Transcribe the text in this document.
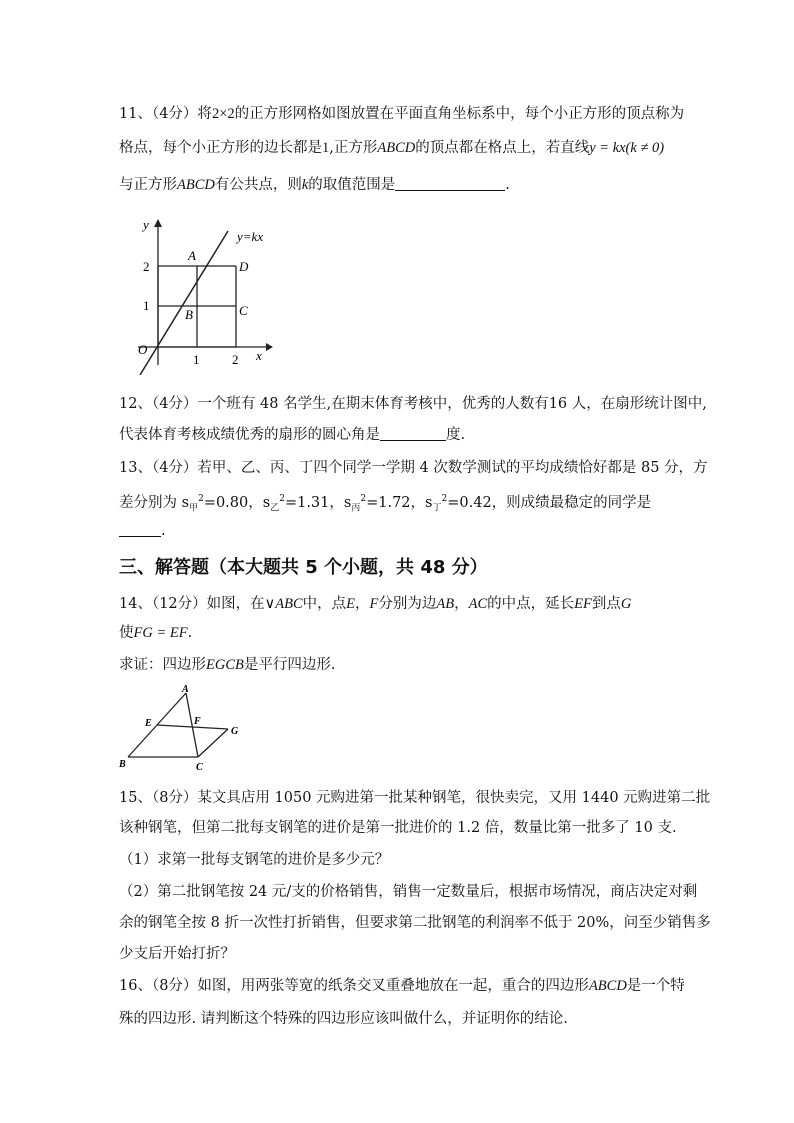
11、（4分）将2×2的正方形网格如图放置在平面直角坐标系中，每个小正方形的顶点称为
格点，每个小正方形的边长都是1,正方形ABCD的顶点都在格点上，若直线y = kx(k ≠ 0)
与正方形ABCD有公共点，则k的取值范围是	.
y
x
O
y=kx
1	2
1
2
A
B	C
D
12、（4分）一个班有 48 名学生,在期末体育考核中，优秀的人数有16 人，在扇形统计图中,
代表体育考核成绩优秀的扇形的圆心角是	度.
13、（4分）若甲、乙、丙、丁四个同学一学期 4 次数学测试的平均成绩恰好都是 85 分，方
差分别为 $s_甲^2=0.80$，$s_乙^2=1.31$，$s_丙^2=1.72$，$s_丁^2=0.42$，则成绩最稳定的同学是
.
三、解答题（本大题共 5 个小题，共 48 分）
14、（12分）如图，在∨ABC中，点E，F分别为边AB，AC的中点，延长EF到点G
使FG = EF.
求证：四边形EGCB是平行四边形.
A
E	F
G
B	C
15、（8分）某文具店用 1050 元购进第一批某种钢笔，很快卖完，又用 1440 元购进第二批
该种钢笔，但第二批每支钢笔的进价是第一批进价的 1.2 倍，数量比第一批多了 10 支.
（1）求第一批每支钢笔的进价是多少元？
（2）第二批钢笔按 24 元/支的价格销售，销售一定数量后，根据市场情况，商店决定对剩
余的钢笔全按 8 折一次性打折销售，但要求第二批钢笔的利润率不低于 20%，问至少销售多
少支后开始打折？
16、（8分）如图，用两张等宽的纸条交叉重叠地放在一起，重合的四边形ABCD是一个特
殊的四边形. 请判断这个特殊的四边形应该叫做什么，并证明你的结论.
